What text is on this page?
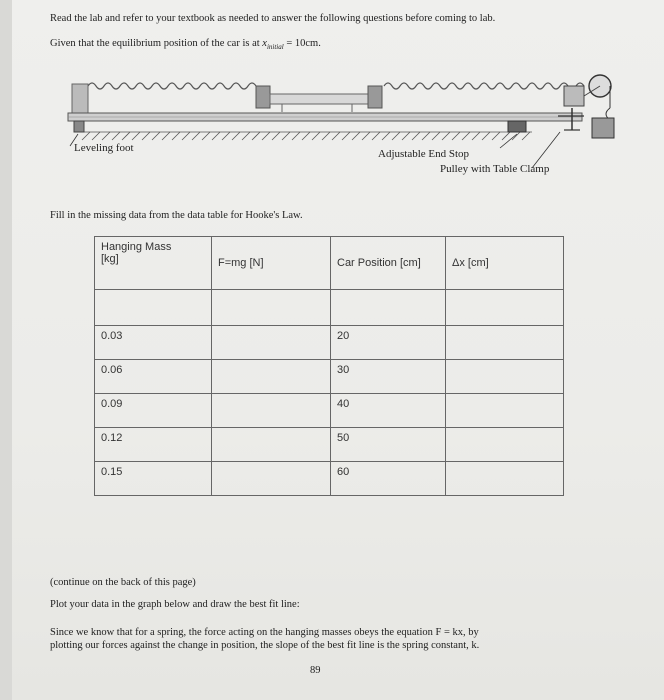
Read the lab and refer to your textbook as needed to answer the following questions before coming to lab.
Given that the equilibrium position of the car is at $x_{initial} = 10cm$.
Leveling foot	Adjustable End Stop
Pulley with Table Clamp
Fill in the missing data from the data table for Hooke's Law.
Hanging Mass
[kg]	F=mg [N]	Car Position [cm]	Δx [cm]

0.03		20	
0.06		30	
0.09		40	
0.12		50	
0.15		60	
(continue on the back of this page)
Plot your data in the graph below and draw the best fit line:
Since we know that for a spring, the force acting on the hanging masses obeys the equation F = kx, by
plotting our forces against the change in position, the slope of the best fit line is the spring constant, k.
89
